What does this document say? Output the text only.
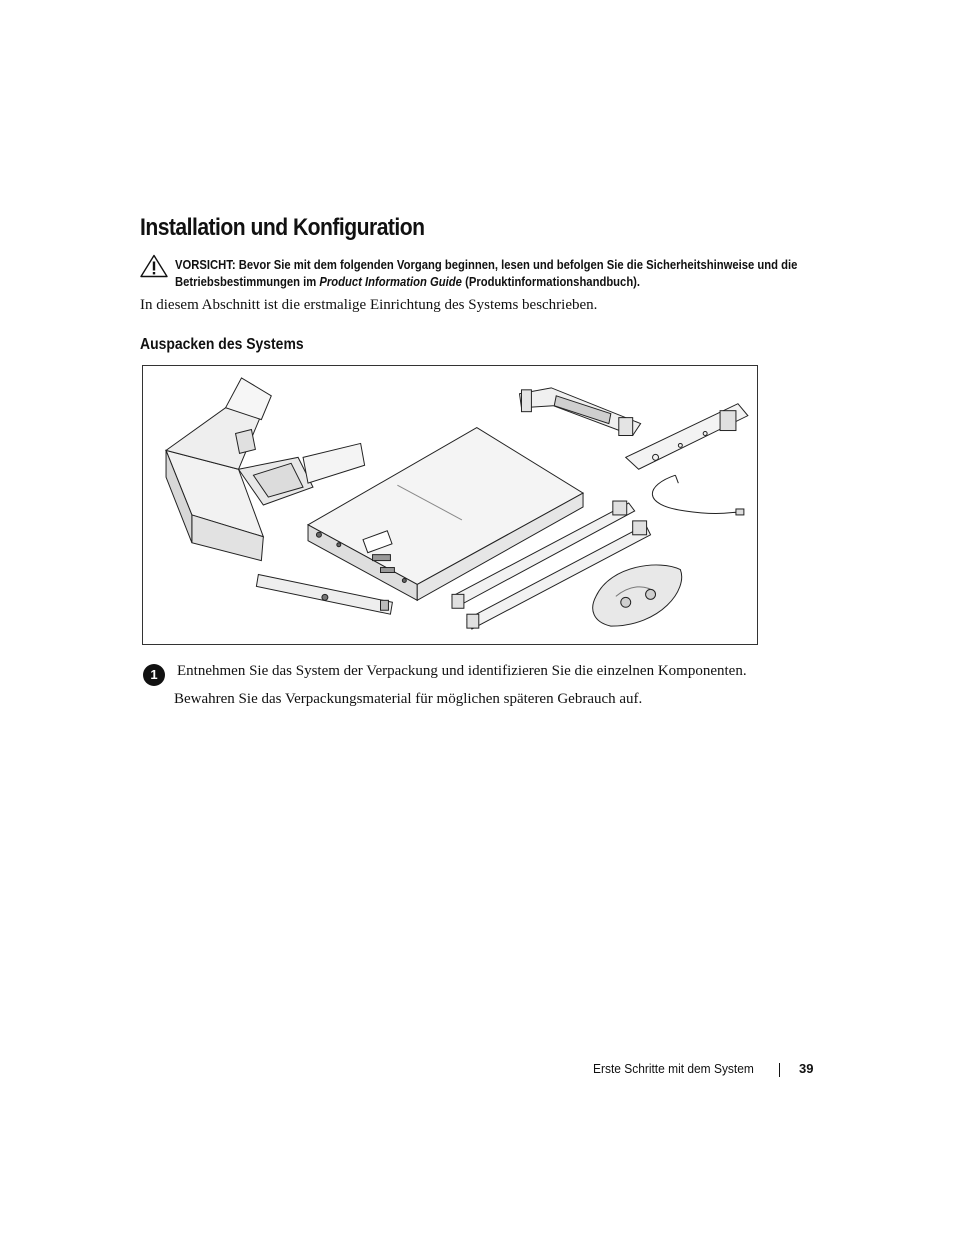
Installation und Konfiguration
VORSICHT: Bevor Sie mit dem folgenden Vorgang beginnen, lesen und befolgen Sie die Sicherheitshinweise und die Betriebsbestimmungen im Product Information Guide (Produktinformationshandbuch).

In diesem Abschnitt ist die erstmalige Einrichtung des Systems beschrieben.

Auspacken des Systems
1	Entnehmen Sie das System der Verpackung und identifizieren Sie die einzelnen Komponenten.

Bewahren Sie das Verpackungsmaterial für möglichen späteren Gebrauch auf.

Erste Schritte mit dem System	39
